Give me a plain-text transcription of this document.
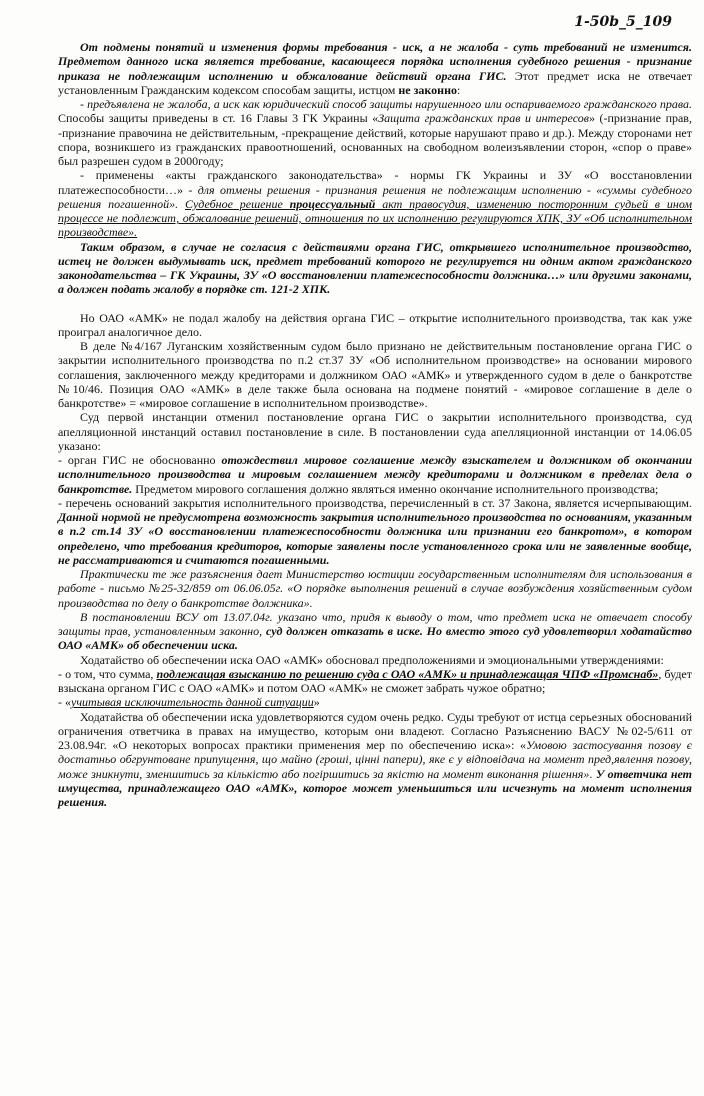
1-50b_5_109

От подмены понятий и изменения формы требования - иск, а не жалоба - суть требований не изменится. Предметом данного иска является требование, касающееся порядка исполнения судебного решения - признание приказа не подлежащим исполнению и обжалование действий органа ГИС. Этот предмет иска не отвечает установленным Гражданским кодексом способам защиты, истцом не законно:

- предъявлена не жалоба, а иск как юридический способ защиты нарушенного или оспариваемого гражданского права. Способы защиты приведены в ст. 16 Главы 3 ГК Украины «Защита гражданских прав и интересов» (-признание прав, -признание правочина не действительным, -прекращение действий, которые нарушают право и др.). Между сторонами нет спора, возникшего из гражданских правоотношений, основанных на свободном волеизъявлении сторон, «спор о праве» был разрешен судом в 2000году;

- применены «акты гражданского законодательства» - нормы ГК Украины и ЗУ «О восстановлении платежеспособности…» - для отмены решения - признания решения не подлежащим исполнению - «суммы судебного решения погашенной». Судебное решение процессуальный акт правосудия, изменению посторонним судьей в ином процессе не подлежит, обжалование решений, отношения по их исполнению регулируются ХПК, ЗУ «Об исполнительном производстве».

Таким образом, в случае не согласия с действиями органа ГИС, открывшего исполнительное производство, истец не должен выдумывать иск, предмет требований которого не регулируется ни одним актом гражданского законодательства – ГК Украины, ЗУ «О восстановлении платежеспособности должника…» или другими законами, а должен подать жалобу в порядке ст. 121-2 ХПК.

Но ОАО «АМК» не подал жалобу на действия органа ГИС – открытие исполнительного производства, так как уже проиграл аналогичное дело.

В деле №4/167 Луганским хозяйственным судом было признано не действительным постановление органа ГИС о закрытии исполнительного производства по п.2 ст.37 ЗУ «Об исполнительном производстве» на основании мирового соглашения, заключенного между кредиторами и должником ОАО «АМК» и утвержденного судом в деле о банкротстве №10/46. Позиция ОАО «АМК» в деле также была основана на подмене понятий - «мировое соглашение в деле о банкротстве» = «мировое соглашение в исполнительном производстве».

Суд первой инстанции отменил постановление органа ГИС о закрытии исполнительного производства, суд апелляционной инстанций оставил постановление в силе. В постановлении суда апелляционной инстанции от 14.06.05 указано:

- орган ГИС не обоснованно отождествил мировое соглашение между взыскателем и должником об окончании исполнительного производства и мировым соглашением между кредиторами и должником в пределах дела о банкротстве. Предметом мирового соглашения должно являться именно окончание исполнительного производства;

- перечень оснований закрытия исполнительного производства, перечисленный в ст. 37 Закона, является исчерпывающим. Данной нормой не предусмотрена возможность закрытия исполнительного производства по основаниям, указанным в п.2 ст.14 ЗУ «О восстановлении платежеспособности должника или признании его банкротом», в котором определено, что требования кредиторов, которые заявлены после установленного срока или не заявленные вообще, не рассматриваются и считаются погашенными.

Практически те же разъяснения дает Министерство юстиции государственным исполнителям для использования в работе - письмо №25-32/859 от 06.06.05г. «О порядке выполнения решений в случае возбуждения хозяйственным судом производства по делу о банкротстве должника».

В постановлении ВСУ от 13.07.04г. указано что, придя к выводу о том, что предмет иска не отвечает способу защиты прав, установленным законно, суд должен отказать в иске. Но вместо этого суд удовлетворил ходатайство ОАО «АМК» об обеспечении иска.

Ходатайство об обеспечении иска ОАО «АМК» обосновал предположениями и эмоциональными утверждениями:

- о том, что сумма, подлежащая взысканию по решению суда с ОАО «АМК» и принадлежащая ЧПФ «Промснаб», будет взыскана органом ГИС с ОАО «АМК» и потом ОАО «АМК» не сможет забрать чужое обратно;

- «учитывая исключительность данной ситуации»

Ходатайства об обеспечении иска удовлетворяются судом очень редко. Суды требуют от истца серьезных обоснований ограничения ответчика в правах на имуществo, которым они владеют. Согласно Разъяснению ВАСУ №02-5/611 от 23.08.94г. «О некоторых вопросах практики применения мер по обеспечению иска»: «Умовою застосування позову є достатньо обгрунтоване припущення, що майно (гроші, цінні папери), яке є у відповідача на момент пред,явлення позову, може зникнути, зменшитись за кількістю або погіршитись за якістю на момент виконання рішення». У ответчика нет имущества, принадлежащего ОАО «АМК», которое может уменьшиться или исчезнуть на момент исполнения решения.
